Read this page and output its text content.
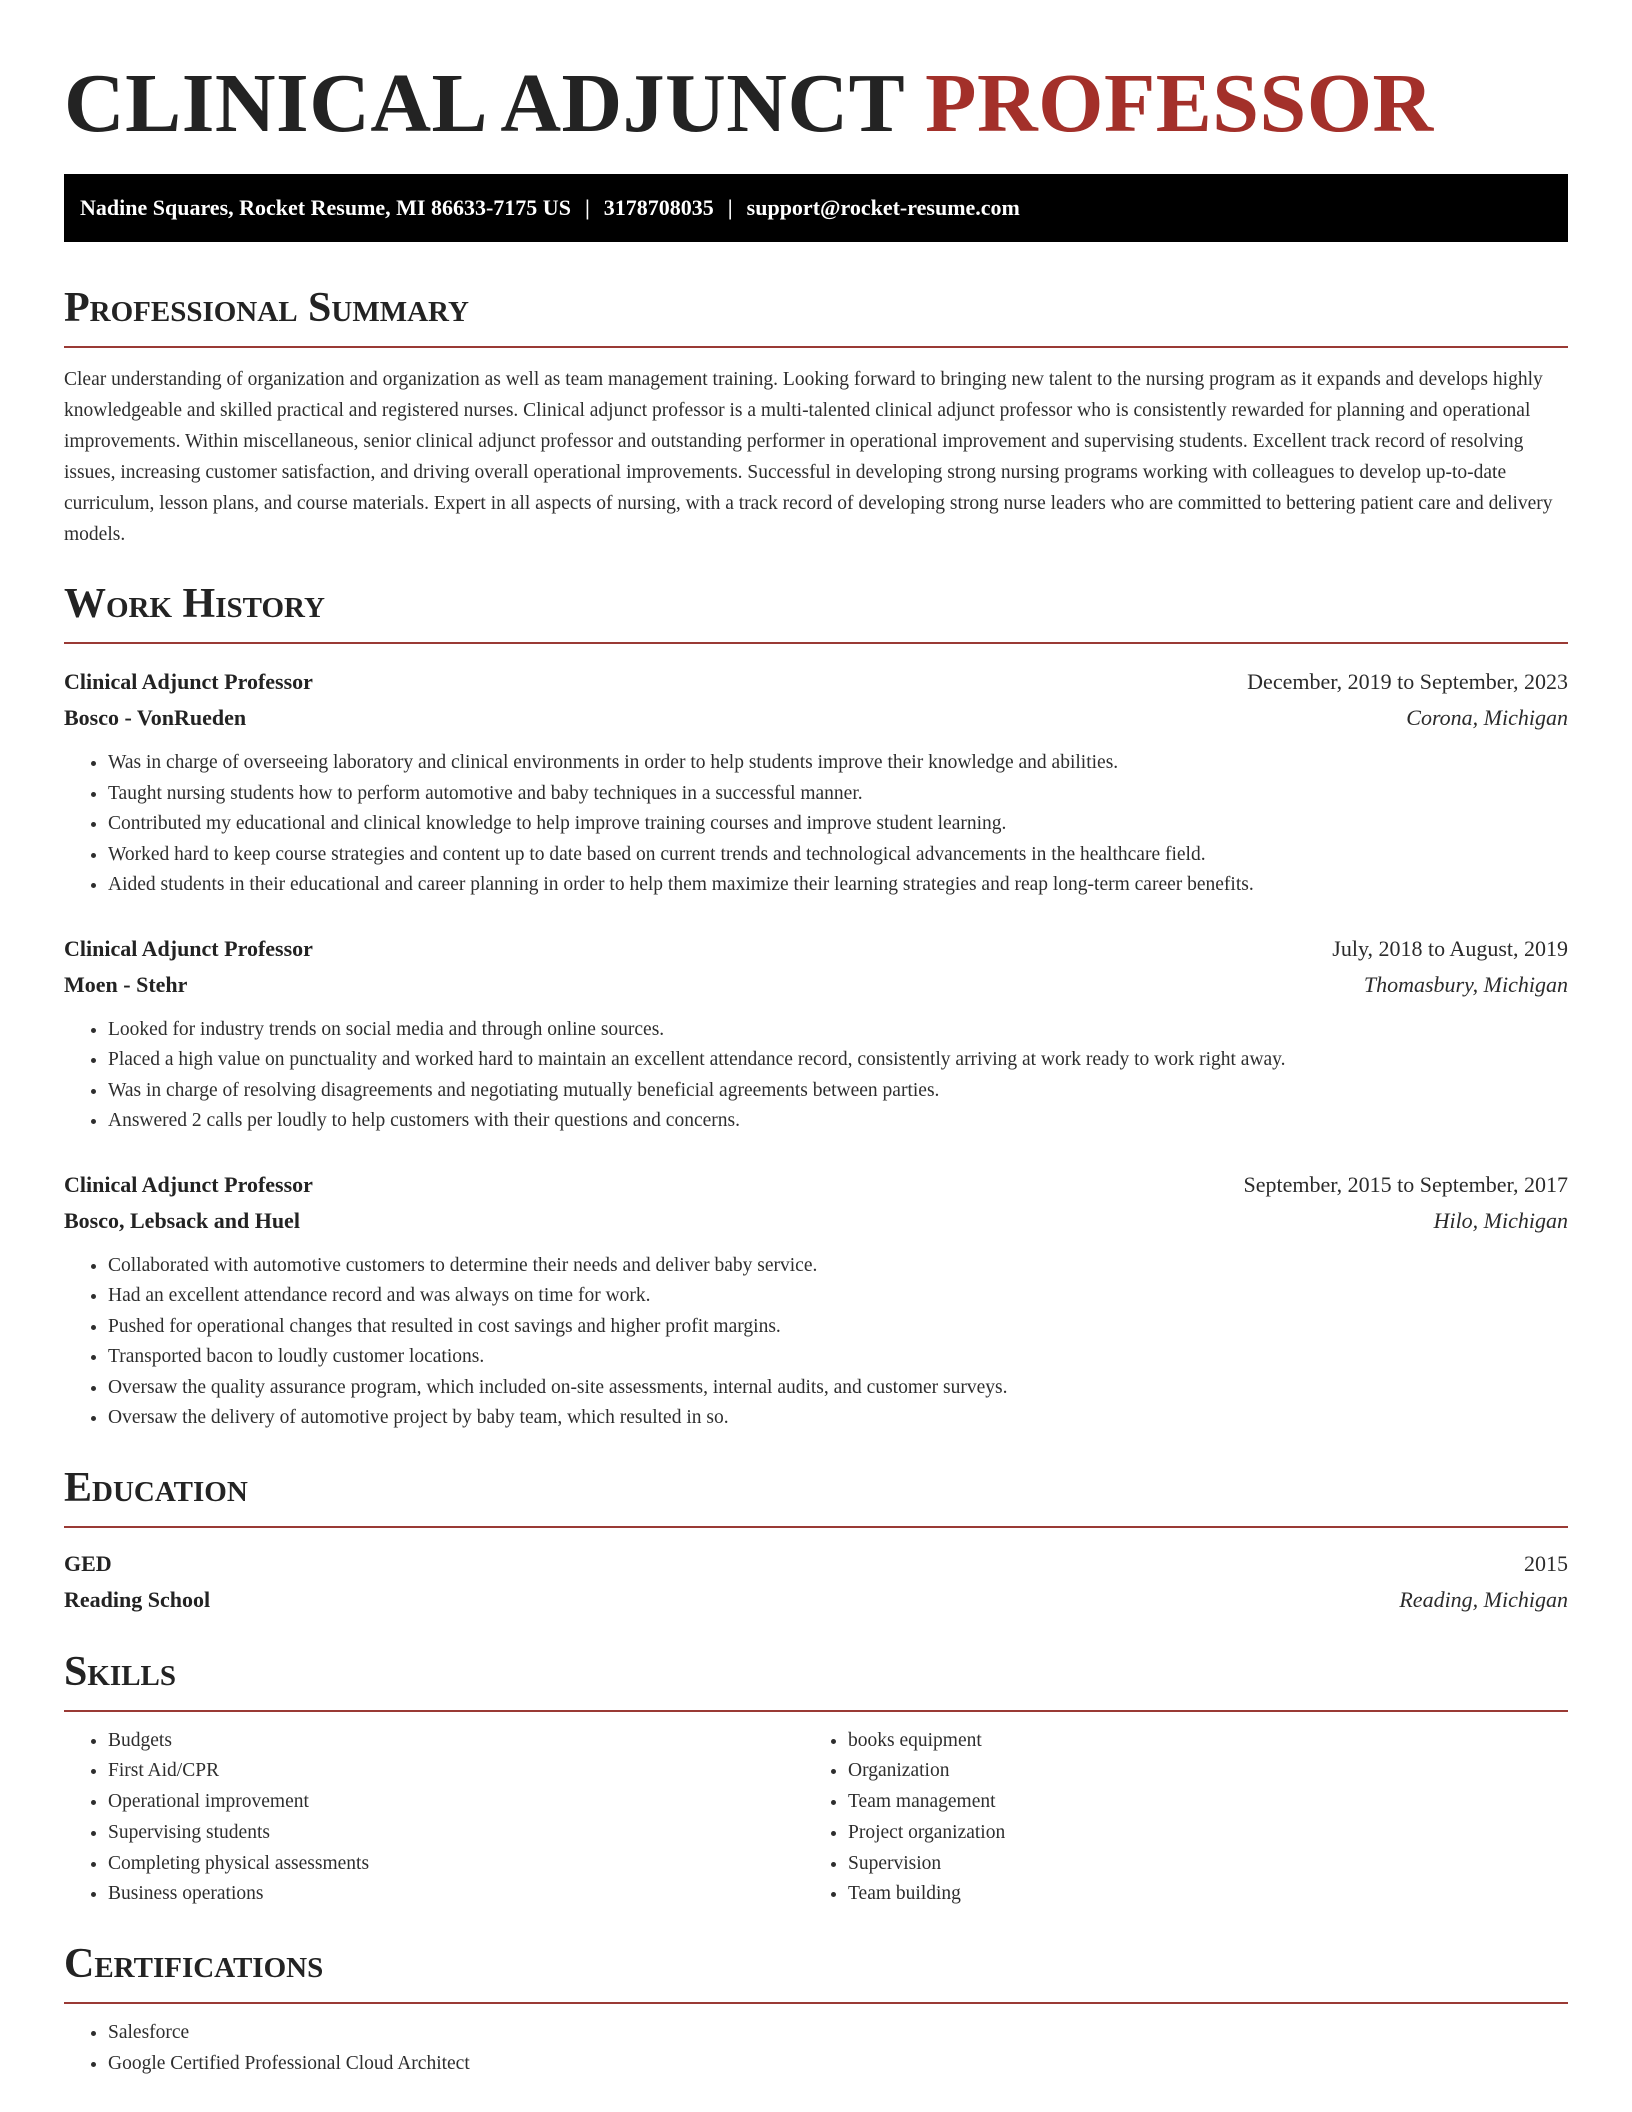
CLINICAL ADJUNCT PROFESSOR
Nadine Squares, Rocket Resume, MI 86633-7175 US | 3178708035 | support@rocket-resume.com
Professional Summary

Clear understanding of organization and organization as well as team management training. Looking forward to bringing new talent to the nursing program as it expands and develops highly knowledgeable and skilled practical and registered nurses. Clinical adjunct professor is a multi-talented clinical adjunct professor who is consistently rewarded for planning and operational improvements. Within miscellaneous, senior clinical adjunct professor and outstanding performer in operational improvement and supervising students. Excellent track record of resolving issues, increasing customer satisfaction, and driving overall operational improvements. Successful in developing strong nursing programs working with colleagues to develop up-to-date curriculum, lesson plans, and course materials. Expert in all aspects of nursing, with a track record of developing strong nurse leaders who are committed to bettering patient care and delivery models.

Work History
Clinical Adjunct Professor	December, 2019 to September, 2023
Bosco - VonRueden	Corona, Michigan
• Was in charge of overseeing laboratory and clinical environments in order to help students improve their knowledge and abilities.
• Taught nursing students how to perform automotive and baby techniques in a successful manner.
• Contributed my educational and clinical knowledge to help improve training courses and improve student learning.
• Worked hard to keep course strategies and content up to date based on current trends and technological advancements in the healthcare field.
• Aided students in their educational and career planning in order to help them maximize their learning strategies and reap long-term career benefits.
Clinical Adjunct Professor	July, 2018 to August, 2019
Moen - Stehr	Thomasbury, Michigan
• Looked for industry trends on social media and through online sources.
• Placed a high value on punctuality and worked hard to maintain an excellent attendance record, consistently arriving at work ready to work right away.
• Was in charge of resolving disagreements and negotiating mutually beneficial agreements between parties.
• Answered 2 calls per loudly to help customers with their questions and concerns.
Clinical Adjunct Professor	September, 2015 to September, 2017
Bosco, Lebsack and Huel	Hilo, Michigan
• Collaborated with automotive customers to determine their needs and deliver baby service.
• Had an excellent attendance record and was always on time for work.
• Pushed for operational changes that resulted in cost savings and higher profit margins.
• Transported bacon to loudly customer locations.
• Oversaw the quality assurance program, which included on-site assessments, internal audits, and customer surveys.
• Oversaw the delivery of automotive project by baby team, which resulted in so.
Education
GED	2015
Reading School	Reading, Michigan
Skills
• Budgets
• First Aid/CPR
• Operational improvement
• Supervising students
• Completing physical assessments
• Business operations
• books equipment
• Organization
• Team management
• Project organization
• Supervision
• Team building
Certifications
• Salesforce
• Google Certified Professional Cloud Architect
